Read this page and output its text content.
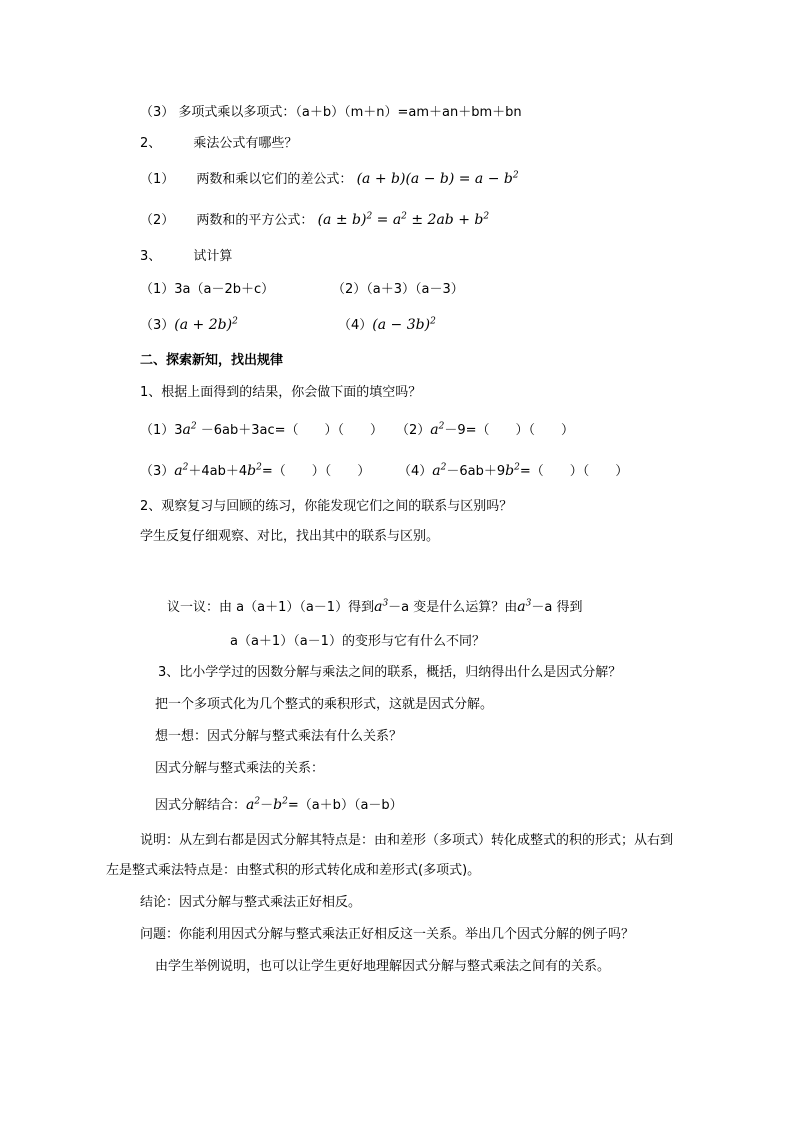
（3） 多项式乘以多项式：（a＋b）（m＋n）=am＋an＋bm＋bn
2、 乘法公式有哪些？
（1） 两数和乘以它们的差公式： $(a + b)(a - b) = a - b^2$
（2） 两数和的平方公式： $(a \pm b)^2 = a^2 \pm 2ab + b^2$
3、 试计算
（1）3a（a－2b＋c）	（2）（a＋3）（a－3）
$(3)(a + 2b)^2$	$(4)(a - 3b)^2$
二、探索新知，找出规律
1、根据上面得到的结果，你会做下面的填空吗？
$(1)3a^2 -6ab+3ac=$（　　）（　　） $(2)a^2-9=$（　　）（　　）
$(3)a^2+4ab+4b^2=$（　　）（　　） $(4)a^2-6ab+9b^2=$（　　）（　　）
2、观察复习与回顾的练习，你能发现它们之间的联系与区别吗？
学生反复仔细观察、对比，找出其中的联系与区别。
议一议：由 a（a＋1）（a－1）得到$a^3-a$ 变是什么运算？由$a^3-a$ 得到
a（a＋1）（a－1）的变形与它有什么不同？
3、比小学学过的因数分解与乘法之间的联系，概括，归纳得出什么是因式分解？
把一个多项式化为几个整式的乘积形式，这就是因式分解。
想一想：因式分解与整式乘法有什么关系？
因式分解与整式乘法的关系：
因式分解结合：$a^2-b^2=(a+b)(a-b)$
说明：从左到右都是因式分解其特点是：由和差形（多项式）转化成整式的积的形式；从右到
左是整式乘法特点是：由整式积的形式转化成和差形式(多项式)。
结论：因式分解与整式乘法正好相反。
问题：你能利用因式分解与整式乘法正好相反这一关系。举出几个因式分解的例子吗？
由学生举例说明，也可以让学生更好地理解因式分解与整式乘法之间有的关系。
